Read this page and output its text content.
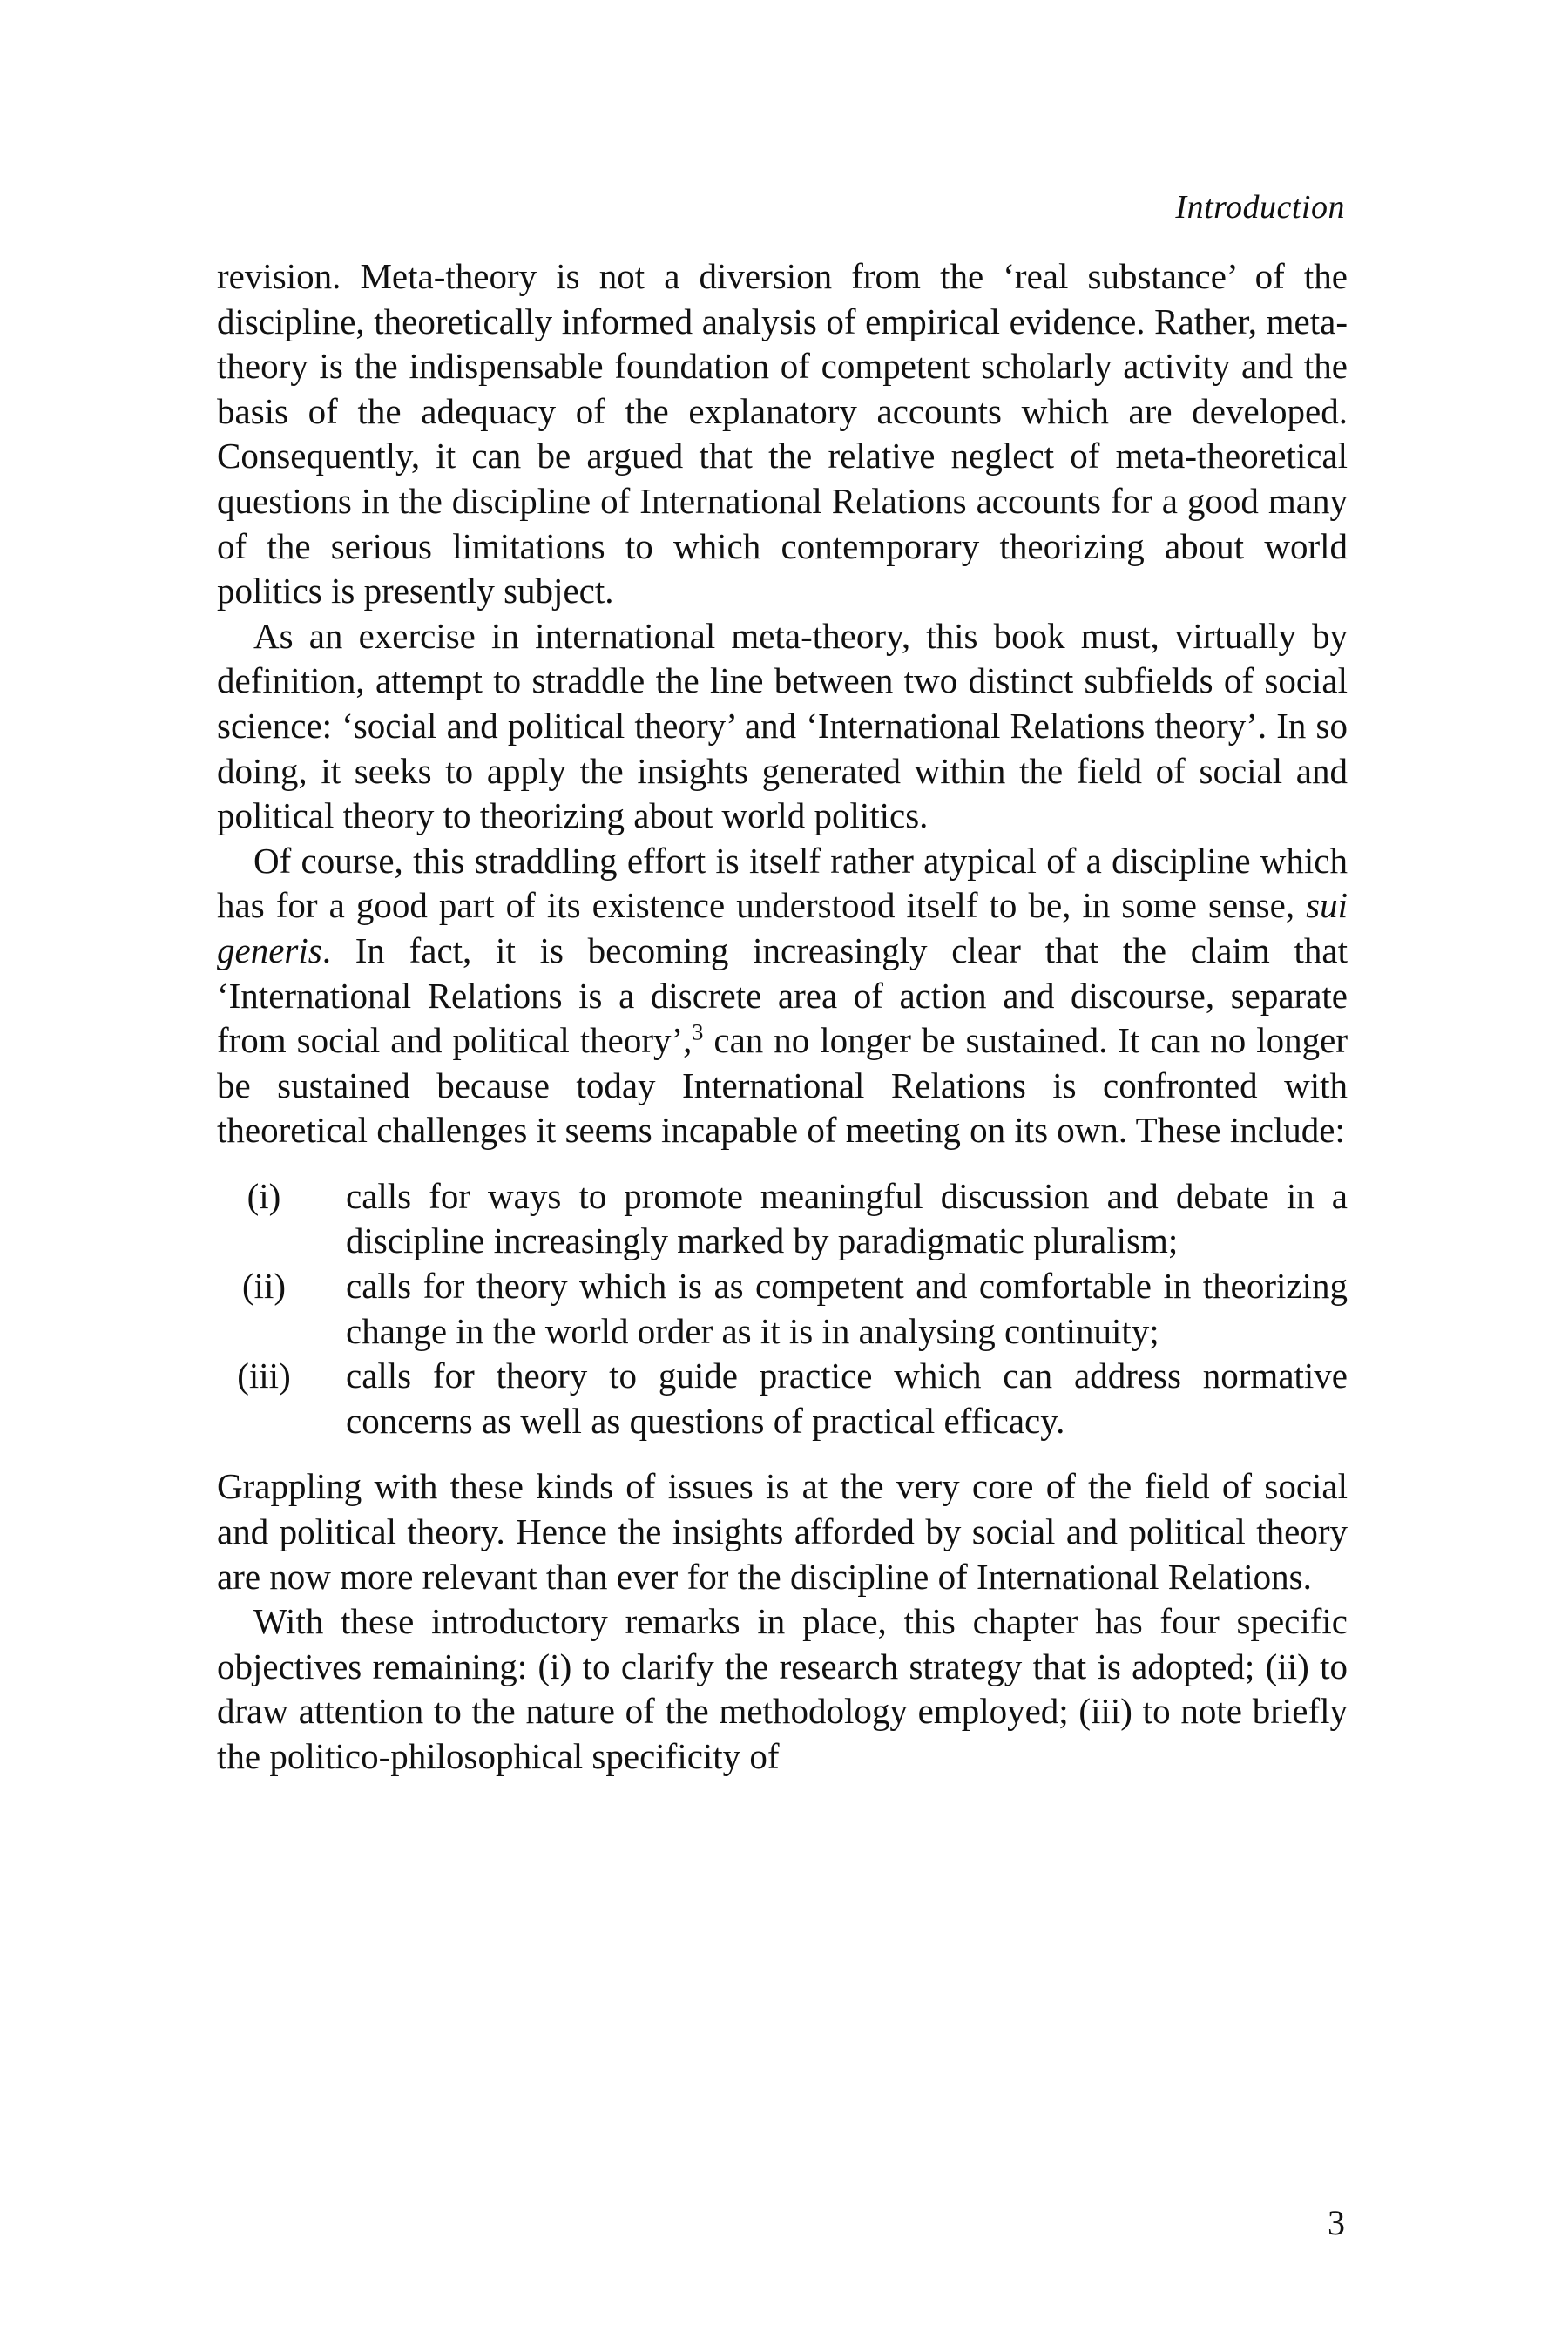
Introduction

revision. Meta-theory is not a diversion from the ‘real substance’ of the discipline, theoretically informed analysis of empirical evidence. Rather, meta-theory is the indispensable foundation of competent scholarly activity and the basis of the adequacy of the explanatory accounts which are developed. Consequently, it can be argued that the relative neglect of meta-theoretical questions in the discipline of International Relations accounts for a good many of the serious limitations to which contemporary theorizing about world politics is presently subject.

As an exercise in international meta-theory, this book must, virtually by definition, attempt to straddle the line between two distinct subfields of social science: ‘social and political theory’ and ‘International Relations theory’. In so doing, it seeks to apply the insights generated within the field of social and political theory to theorizing about world politics.

Of course, this straddling effort is itself rather atypical of a discipline which has for a good part of its existence understood itself to be, in some sense, sui generis. In fact, it is becoming increasingly clear that the claim that ‘International Relations is a discrete area of action and discourse, separate from social and political theory’,$^3$ can no longer be sustained. It can no longer be sustained because today International Relations is confronted with theoretical challenges it seems incapable of meeting on its own. These include:

(i)	calls for ways to promote meaningful discussion and debate in a discipline increasingly marked by paradigmatic pluralism;
(ii)	calls for theory which is as competent and comfortable in theorizing change in the world order as it is in analysing continuity;
(iii)	calls for theory to guide practice which can address normative concerns as well as questions of practical efficacy.

Grappling with these kinds of issues is at the very core of the field of social and political theory. Hence the insights afforded by social and political theory are now more relevant than ever for the discipline of International Relations.

With these introductory remarks in place, this chapter has four specific objectives remaining: (i) to clarify the research strategy that is adopted; (ii) to draw attention to the nature of the methodology employed; (iii) to note briefly the politico-philosophical specificity of

3
